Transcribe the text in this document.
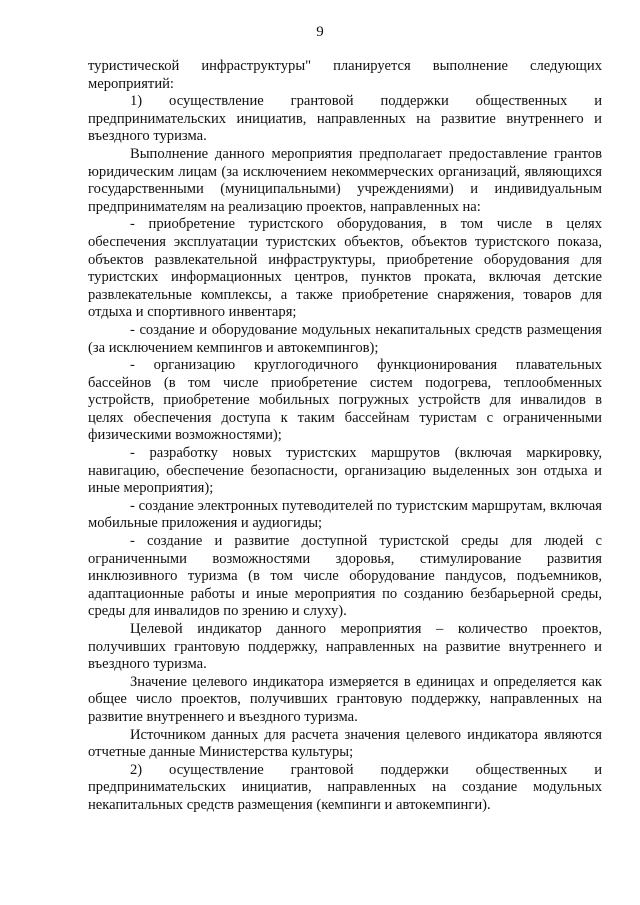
9

туристической инфраструктуры" планируется выполнение следующих мероприятий:

1) осуществление грантовой поддержки общественных и предпринимательских инициатив, направленных на развитие внутреннего и въездного туризма.

Выполнение данного мероприятия предполагает предоставление грантов юридическим лицам (за исключением некоммерческих организаций, являющихся государственными (муниципальными) учреждениями) и индивидуальным предпринимателям на реализацию проектов, направленных на:

- приобретение туристского оборудования, в том числе в целях обеспечения эксплуатации туристских объектов, объектов туристского показа, объектов развлекательной инфраструктуры, приобретение оборудования для туристских информационных центров, пунктов проката, включая детские развлекательные комплексы, а также приобретение снаряжения, товаров для отдыха и спортивного инвентаря;

- создание и оборудование модульных некапитальных средств размещения (за исключением кемпингов и автокемпингов);

- организацию круглогодичного функционирования плавательных бассейнов (в том числе приобретение систем подогрева, теплообменных устройств, приобретение мобильных погружных устройств для инвалидов в целях обеспечения доступа к таким бассейнам туристам с ограниченными физическими возможностями);

- разработку новых туристских маршрутов (включая маркировку, навигацию, обеспечение безопасности, организацию выделенных зон отдыха и иные мероприятия);

- создание электронных путеводителей по туристским маршрутам, включая мобильные приложения и аудиогиды;

- создание и развитие доступной туристской среды для людей с ограниченными возможностями здоровья, стимулирование развития инклюзивного туризма (в том числе оборудование пандусов, подъемников, адаптационные работы и иные мероприятия по созданию безбарьерной среды, среды для инвалидов по зрению и слуху).

Целевой индикатор данного мероприятия – количество проектов, получивших грантовую поддержку, направленных на развитие внутреннего и въездного туризма.

Значение целевого индикатора измеряется в единицах и определяется как общее число проектов, получивших грантовую поддержку, направленных на развитие внутреннего и въездного туризма.

Источником данных для расчета значения целевого индикатора являются отчетные данные Министерства культуры;

2) осуществление грантовой поддержки общественных и предпринимательских инициатив, направленных на создание модульных некапитальных средств размещения (кемпинги и автокемпинги).
